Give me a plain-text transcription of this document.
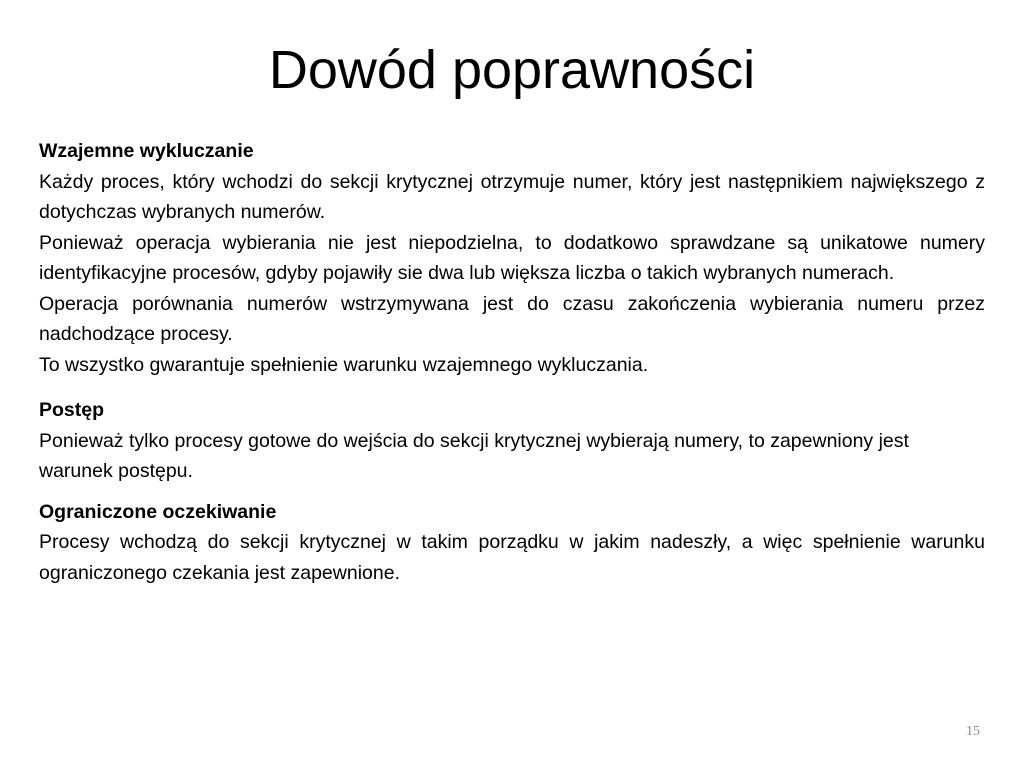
Dowód poprawności

Wzajemne wykluczanie

Każdy proces, który wchodzi do sekcji krytycznej otrzymuje numer, który jest następnikiem największego z dotychczas wybranych numerów.

Ponieważ operacja wybierania nie jest niepodzielna, to dodatkowo sprawdzane są unikatowe numery identyfikacyjne procesów, gdyby pojawiły sie dwa lub większa liczba o takich wybranych numerach.

Operacja porównania numerów wstrzymywana jest do czasu zakończenia wybierania numeru przez nadchodzące procesy.

To wszystko gwarantuje spełnienie warunku wzajemnego wykluczania.

Postęp

Ponieważ tylko procesy gotowe do wejścia do sekcji krytycznej wybierają numery, to zapewniony jest warunek postępu.

Ograniczone oczekiwanie

Procesy wchodzą do sekcji krytycznej w takim porządku w jakim nadeszły, a więc spełnienie warunku ograniczonego czekania jest zapewnione.

15
